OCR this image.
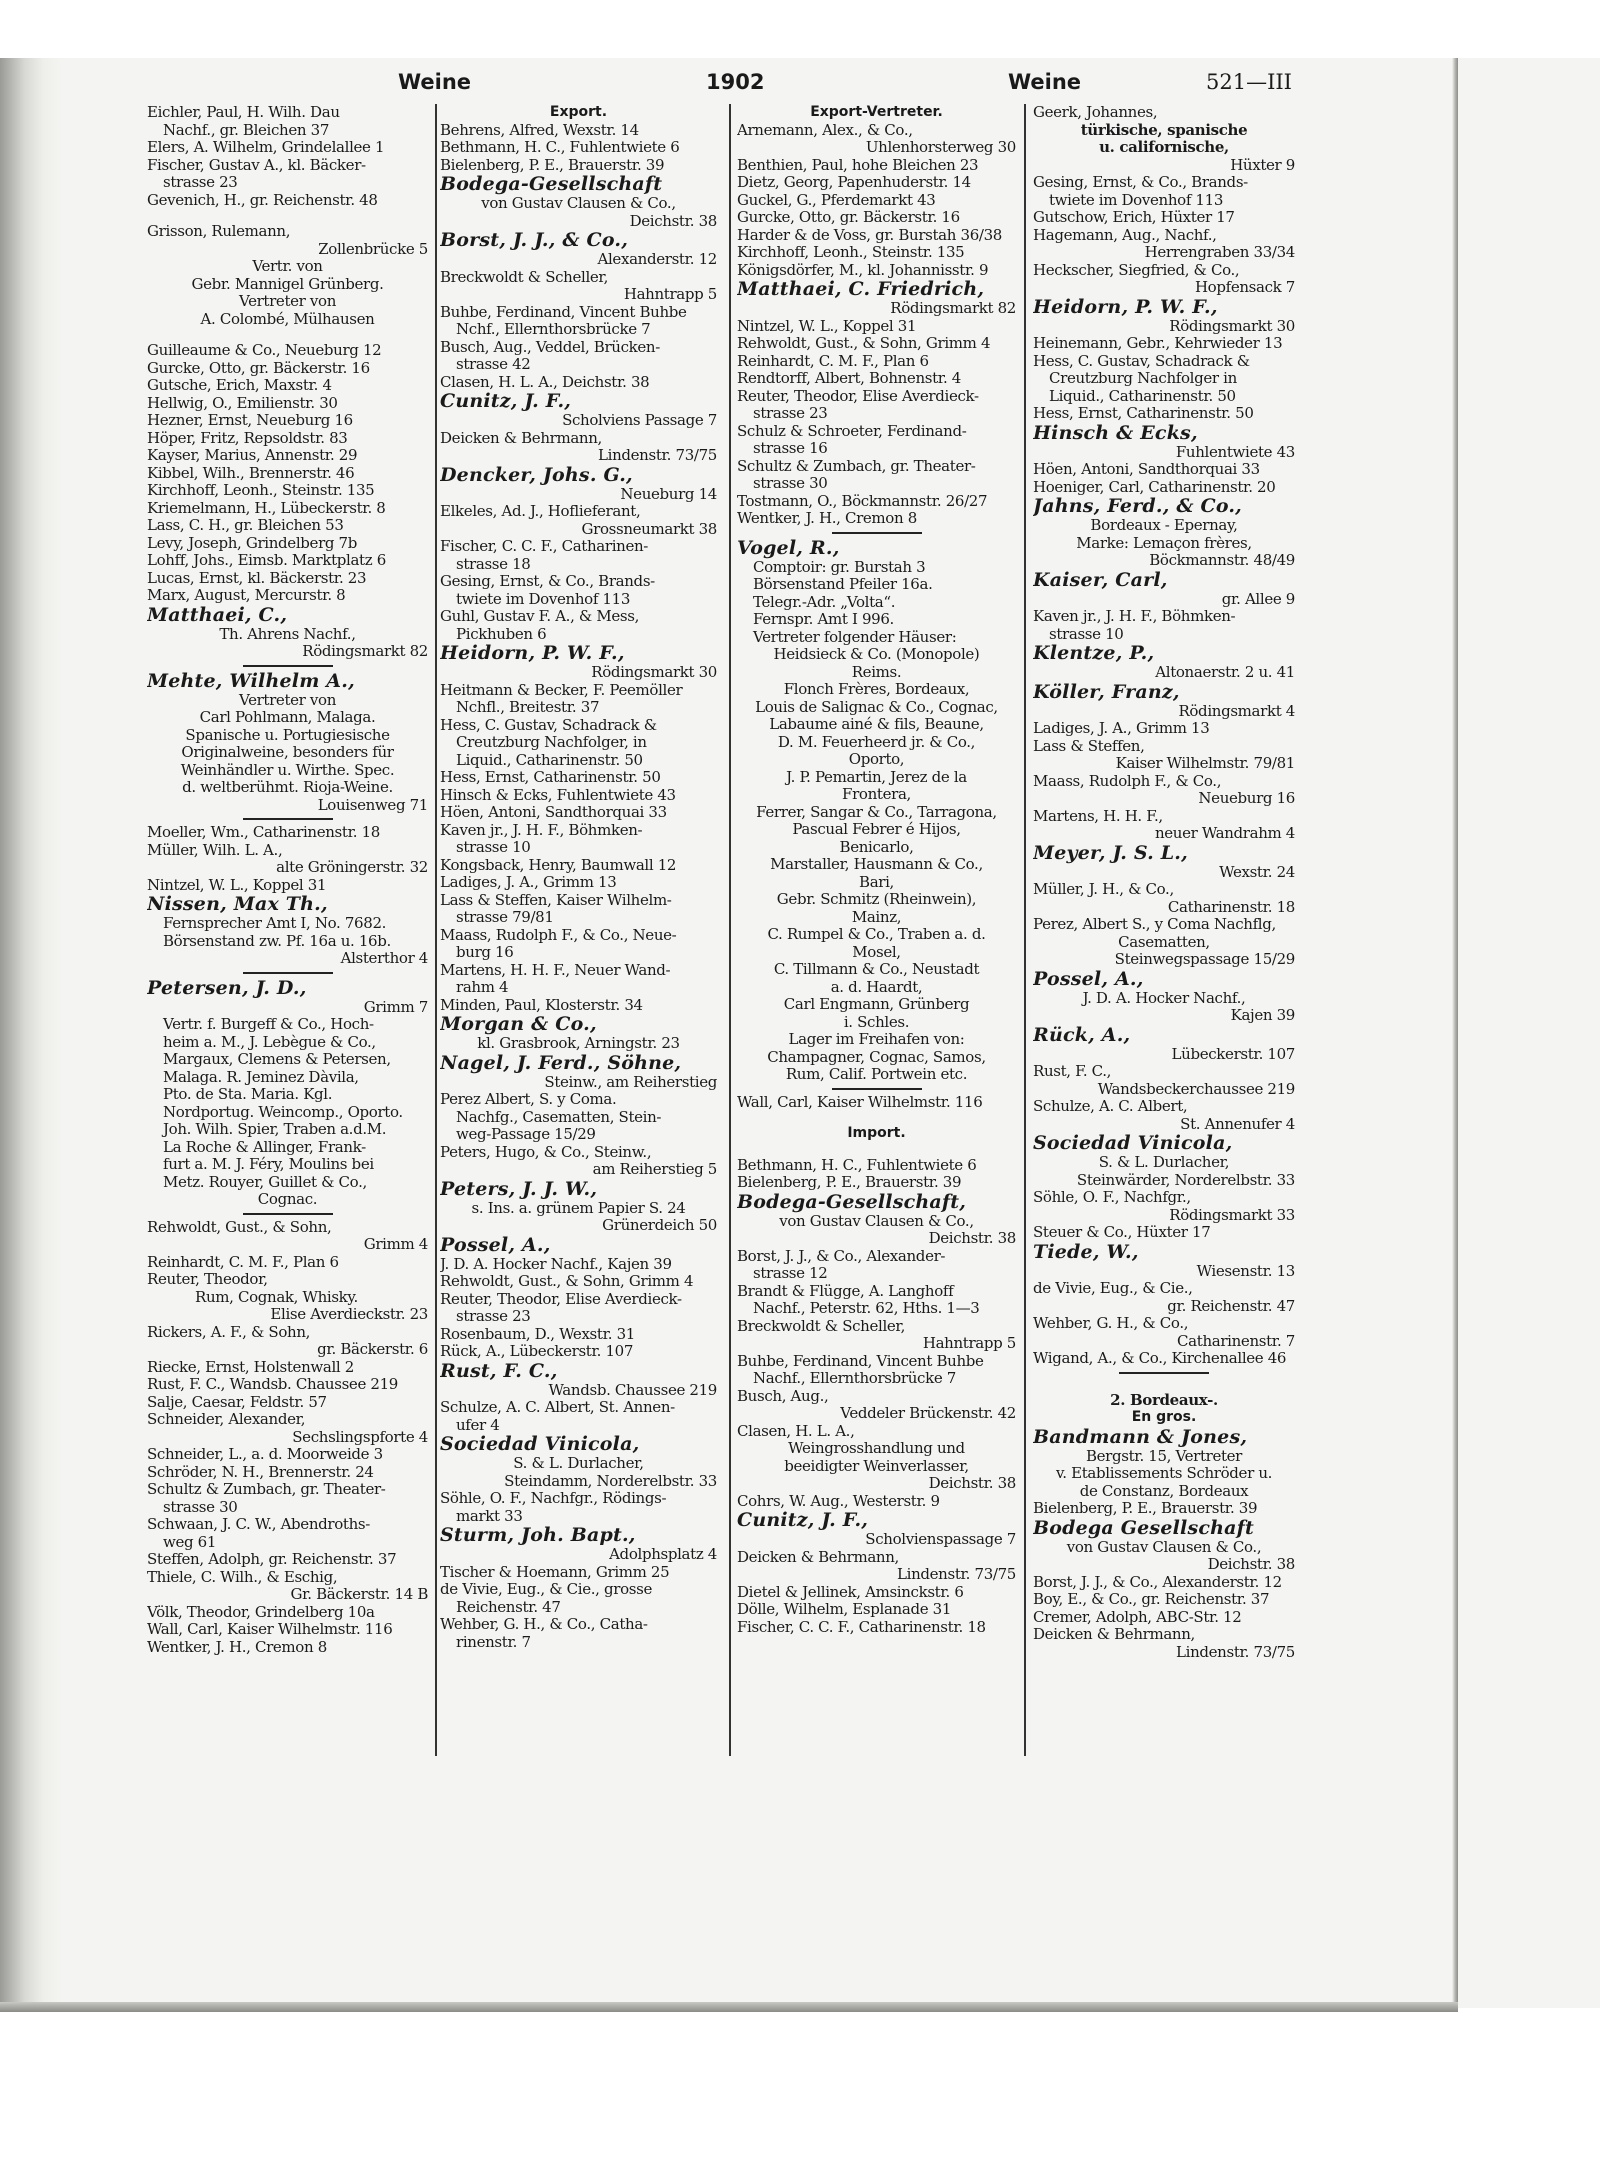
Weine	1902	Weine	521—III
Eichler, Paul, H. Wilh. Dau
Nachf., gr. Bleichen 37
Elers, A. Wilhelm, Grindelallee 1
Fischer, Gustav A., kl. Bäcker-
strasse 23
Gevenich, H., gr. Reichenstr. 48
Grisson, Rulemann,
Zollenbrücke 5
Vertr. von
Gebr. Mannigel Grünberg.
Vertreter von
A. Colombé, Mülhausen
Guilleaume & Co., Neueburg 12
Gurcke, Otto, gr. Bäckerstr. 16
Gutsche, Erich, Maxstr. 4
Hellwig, O., Emilienstr. 30
Hezner, Ernst, Neueburg 16
Höper, Fritz, Repsoldstr. 83
Kayser, Marius, Annenstr. 29
Kibbel, Wilh., Brennerstr. 46
Kirchhoff, Leonh., Steinstr. 135
Kriemelmann, H., Lübeckerstr. 8
Lass, C. H., gr. Bleichen 53
Levy, Joseph, Grindelberg 7b
Lohff, Johs., Eimsb. Marktplatz 6
Lucas, Ernst, kl. Bäckerstr. 23
Marx, August, Mercurstr. 8
Matthaei, C.,
Th. Ahrens Nachf.,
Rödingsmarkt 82
Mehte, Wilhelm A.,
Vertreter von
Carl Pohlmann, Malaga.
Spanische u. Portugiesische
Originalweine, besonders für
Weinhändler u. Wirthe. Spec.
d. weltberühmt. Rioja-Weine.
Louisenweg 71
Moeller, Wm., Catharinenstr. 18
Müller, Wilh. L. A.,
alte Gröningerstr. 32
Nintzel, W. L., Koppel 31
Nissen, Max Th.,
Fernsprecher Amt I, No. 7682.
Börsenstand zw. Pf. 16a u. 16b.
Alsterthor 4
Petersen, J. D.,
Grimm 7
Vertr. f. Burgeff & Co., Hoch-
heim a. M., J. Lebègue & Co.,
Margaux, Clemens & Petersen,
Malaga. R. Jeminez Dàvila,
Pto. de Sta. Maria. Kgl.
Nordportug. Weincomp., Oporto.
Joh. Wilh. Spier, Traben a.d.M.
La Roche & Allinger, Frank-
furt a. M. J. Féry, Moulins bei
Metz. Rouyer, Guillet & Co.,
Cognac.
Rehwoldt, Gust., & Sohn,
Grimm 4
Reinhardt, C. M. F., Plan 6
Reuter, Theodor,
Rum, Cognak, Whisky.
Elise Averdieckstr. 23
Rickers, A. F., & Sohn,
gr. Bäckerstr. 6
Riecke, Ernst, Holstenwall 2
Rust, F. C., Wandsb. Chaussee 219
Salje, Caesar, Feldstr. 57
Schneider, Alexander,
Sechslingspforte 4
Schneider, L., a. d. Moorweide 3
Schröder, N. H., Brennerstr. 24
Schultz & Zumbach, gr. Theater-
strasse 30
Schwaan, J. C. W., Abendroths-
weg 61
Steffen, Adolph, gr. Reichenstr. 37
Thiele, C. Wilh., & Eschig,
Gr. Bäckerstr. 14 B
Völk, Theodor, Grindelberg 10a
Wall, Carl, Kaiser Wilhelmstr. 116
Wentker, J. H., Cremon 8
Export.
Behrens, Alfred, Wexstr. 14
Bethmann, H. C., Fuhlentwiete 6
Bielenberg, P. E., Brauerstr. 39
Bodega-Gesellschaft
von Gustav Clausen & Co.,
Deichstr. 38
Borst, J. J., & Co.,
Alexanderstr. 12
Breckwoldt & Scheller,
Hahntrapp 5
Buhbe, Ferdinand, Vincent Buhbe
Nchf., Ellernthorsbrücke 7
Busch, Aug., Veddel, Brücken-
strasse 42
Clasen, H. L. A., Deichstr. 38
Cunitz, J. F.,
Scholviens Passage 7
Deicken & Behrmann,
Lindenstr. 73/75
Dencker, Johs. G.,
Neueburg 14
Elkeles, Ad. J., Hoflieferant,
Grossneumarkt 38
Fischer, C. C. F., Catharinen-
strasse 18
Gesing, Ernst, & Co., Brands-
twiete im Dovenhof 113
Guhl, Gustav F. A., & Mess,
Pickhuben 6
Heidorn, P. W. F.,
Rödingsmarkt 30
Heitmann & Becker, F. Peemöller
Nchfl., Breitestr. 37
Hess, C. Gustav, Schadrack &
Creutzburg Nachfolger, in
Liquid., Catharinenstr. 50
Hess, Ernst, Catharinenstr. 50
Hinsch & Ecks, Fuhlentwiete 43
Höen, Antoni, Sandthorquai 33
Kaven jr., J. H. F., Böhmken-
strasse 10
Kongsback, Henry, Baumwall 12
Ladiges, J. A., Grimm 13
Lass & Steffen, Kaiser Wilhelm-
strasse 79/81
Maass, Rudolph F., & Co., Neue-
burg 16
Martens, H. H. F., Neuer Wand-
rahm 4
Minden, Paul, Klosterstr. 34
Morgan & Co.,
kl. Grasbrook, Arningstr. 23
Nagel, J. Ferd., Söhne,
Steinw., am Reiherstieg
Perez Albert, S. y Coma.
Nachfg., Casematten, Stein-
weg-Passage 15/29
Peters, Hugo, & Co., Steinw.,
am Reiherstieg 5
Peters, J. J. W.,
s. Ins. a. grünem Papier S. 24
Grünerdeich 50
Possel, A.,
J. D. A. Hocker Nachf., Kajen 39
Rehwoldt, Gust., & Sohn, Grimm 4
Reuter, Theodor, Elise Averdieck-
strasse 23
Rosenbaum, D., Wexstr. 31
Rück, A., Lübeckerstr. 107
Rust, F. C.,
Wandsb. Chaussee 219
Schulze, A. C. Albert, St. Annen-
ufer 4
Sociedad Vinicola,
S. & L. Durlacher,
Steindamm, Norderelbstr. 33
Söhle, O. F., Nachfgr., Rödings-
markt 33
Sturm, Joh. Bapt.,
Adolphsplatz 4
Tischer & Hoemann, Grimm 25
de Vivie, Eug., & Cie., grosse
Reichenstr. 47
Wehber, G. H., & Co., Catha-
rinenstr. 7
Export-Vertreter.
Arnemann, Alex., & Co.,
Uhlenhorsterweg 30
Benthien, Paul, hohe Bleichen 23
Dietz, Georg, Papenhuderstr. 14
Guckel, G., Pferdemarkt 43
Gurcke, Otto, gr. Bäckerstr. 16
Harder & de Voss, gr. Burstah 36/38
Kirchhoff, Leonh., Steinstr. 135
Königsdörfer, M., kl. Johannisstr. 9
Matthaei, C. Friedrich,
Rödingsmarkt 82
Nintzel, W. L., Koppel 31
Rehwoldt, Gust., & Sohn, Grimm 4
Reinhardt, C. M. F., Plan 6
Rendtorff, Albert, Bohnenstr. 4
Reuter, Theodor, Elise Averdieck-
strasse 23
Schulz & Schroeter, Ferdinand-
strasse 16
Schultz & Zumbach, gr. Theater-
strasse 30
Tostmann, O., Böckmannstr. 26/27
Wentker, J. H., Cremon 8
Vogel, R.,
Comptoir: gr. Burstah 3
Börsenstand Pfeiler 16a.
Telegr.-Adr. „Volta“.
Fernspr. Amt I 996.
Vertreter folgender Häuser:
Heidsieck & Co. (Monopole)
Reims.
Flonch Frères, Bordeaux,
Louis de Salignac & Co., Cognac,
Labaume ainé & fils, Beaune,
D. M. Feuerheerd jr. & Co.,
Oporto,
J. P. Pemartin, Jerez de la
Frontera,
Ferrer, Sangar & Co., Tarragona,
Pascual Febrer é Hijos,
Benicarlo,
Marstaller, Hausmann & Co.,
Bari,
Gebr. Schmitz (Rheinwein),
Mainz,
C. Rumpel & Co., Traben a. d.
Mosel,
C. Tillmann & Co., Neustadt
a. d. Haardt,
Carl Engmann, Grünberg
i. Schles.
Lager im Freihafen von:
Champagner, Cognac, Samos,
Rum, Calif. Portwein etc.
Wall, Carl, Kaiser Wilhelmstr. 116
Import.
Bethmann, H. C., Fuhlentwiete 6
Bielenberg, P. E., Brauerstr. 39
Bodega-Gesellschaft,
von Gustav Clausen & Co.,
Deichstr. 38
Borst, J. J., & Co., Alexander-
strasse 12
Brandt & Flügge, A. Langhoff
Nachf., Peterstr. 62, Hths. 1—3
Breckwoldt & Scheller,
Hahntrapp 5
Buhbe, Ferdinand, Vincent Buhbe
Nachf., Ellernthorsbrücke 7
Busch, Aug.,
Veddeler Brückenstr. 42
Clasen, H. L. A.,
Weingrosshandlung und
beeidigter Weinverlasser,
Deichstr. 38
Cohrs, W. Aug., Westerstr. 9
Cunitz, J. F.,
Scholvienspassage 7
Deicken & Behrmann,
Lindenstr. 73/75
Dietel & Jellinek, Amsinckstr. 6
Dölle, Wilhelm, Esplanade 31
Fischer, C. C. F., Catharinenstr. 18
Geerk, Johannes,
türkische, spanische
u. californische,
Hüxter 9
Gesing, Ernst, & Co., Brands-
twiete im Dovenhof 113
Gutschow, Erich, Hüxter 17
Hagemann, Aug., Nachf.,
Herrengraben 33/34
Heckscher, Siegfried, & Co.,
Hopfensack 7
Heidorn, P. W. F.,
Rödingsmarkt 30
Heinemann, Gebr., Kehrwieder 13
Hess, C. Gustav, Schadrack &
Creutzburg Nachfolger in
Liquid., Catharinenstr. 50
Hess, Ernst, Catharinenstr. 50
Hinsch & Ecks,
Fuhlentwiete 43
Höen, Antoni, Sandthorquai 33
Hoeniger, Carl, Catharinenstr. 20
Jahns, Ferd., & Co.,
Bordeaux - Epernay,
Marke: Lemaçon frères,
Böckmannstr. 48/49
Kaiser, Carl,
gr. Allee 9
Kaven jr., J. H. F., Böhmken-
strasse 10
Klentze, P.,
Altonaerstr. 2 u. 41
Köller, Franz,
Rödingsmarkt 4
Ladiges, J. A., Grimm 13
Lass & Steffen,
Kaiser Wilhelmstr. 79/81
Maass, Rudolph F., & Co.,
Neueburg 16
Martens, H. H. F.,
neuer Wandrahm 4
Meyer, J. S. L.,
Wexstr. 24
Müller, J. H., & Co.,
Catharinenstr. 18
Perez, Albert S., y Coma Nachflg,
Casematten,
Steinwegspassage 15/29
Possel, A.,
J. D. A. Hocker Nachf.,
Kajen 39
Rück, A.,
Lübeckerstr. 107
Rust, F. C.,
Wandsbeckerchaussee 219
Schulze, A. C. Albert,
St. Annenufer 4
Sociedad Vinicola,
S. & L. Durlacher,
Steinwärder, Norderelbstr. 33
Söhle, O. F., Nachfgr.,
Rödingsmarkt 33
Steuer & Co., Hüxter 17
Tiede, W.,
Wiesenstr. 13
de Vivie, Eug., & Cie.,
gr. Reichenstr. 47
Wehber, G. H., & Co.,
Catharinenstr. 7
Wigand, A., & Co., Kirchenallee 46
2. Bordeaux-.
En gros.
Bandmann & Jones,
Bergstr. 15, Vertreter
v. Etablissements Schröder u.
de Constanz, Bordeaux
Bielenberg, P. E., Brauerstr. 39
Bodega Gesellschaft
von Gustav Clausen & Co.,
Deichstr. 38
Borst, J. J., & Co., Alexanderstr. 12
Boy, E., & Co., gr. Reichenstr. 37
Cremer, Adolph, ABC-Str. 12
Deicken & Behrmann,
Lindenstr. 73/75
